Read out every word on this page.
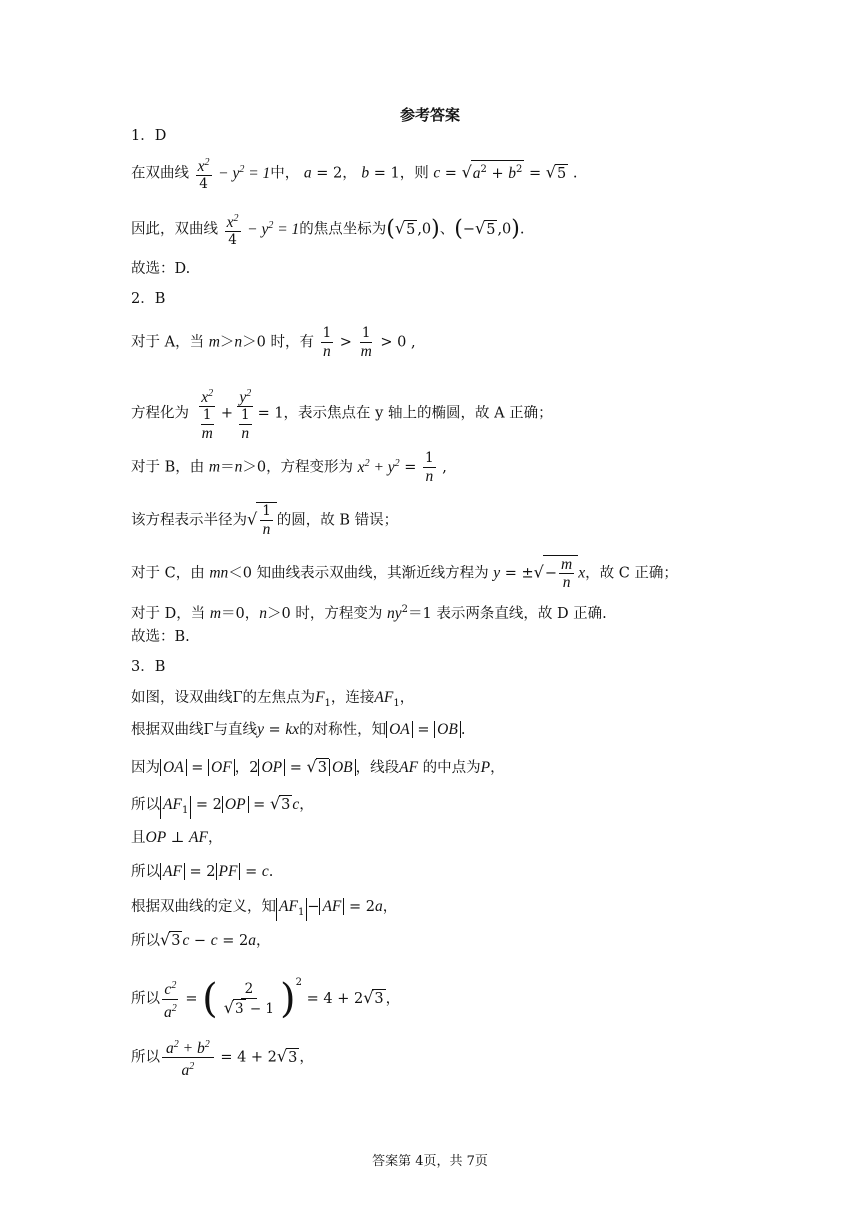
参考答案
1．D
在双曲线 $\frac{x^2}{4} - y^2 = 1$中， a = 2， b = 1，则 $c = √a^2 + b^2 = √5$ .
因此，双曲线 $\frac{x^2}{4} - y^2 = 1$的焦点坐标为(√5 ,0)、(−√5 ,0).
故选：D.
2．B
对于 A，当 m＞n＞0 时，有 $\frac{1}{n} > \frac{1}{m} > 0$ ,
方程化为 $\frac{x^2}{\frac{1}{m}} + \frac{y^2}{\frac{1}{n}} = 1$，表示焦点在 y 轴上的椭圆，故 A 正确；
对于 B，由 m＝n＞0，方程变形为 $x^2 + y^2 = \frac{1}{n}$ ,
该方程表示半径为√ $\frac{1}{n}$ 的圆，故 B 错误；
对于 C，由 mn＜0 知曲线表示双曲线，其渐近线方程为 y = ±√− $\frac{m}{n}$ x，故 C 正确；
对于 D，当 m＝0，n＞0 时，方程变为 $ny^2=1$ 表示两条直线，故 D 正确.
故选：B.
3．B
如图，设双曲线Γ的左焦点为$F_1$，连接$AF_1$，
根据双曲线Γ与直线y = kx的对称性，知 OA = OB .
因为 OA = OF ，2 OP = √3 OB ，线段AF 的中点为P，
所以 $AF_1 = 2$ OP = √3 c，
且OP ⊥ AF，
所以 AF = 2 PF = c.
根据双曲线的定义，知 $AF_1$ − AF = 2a，
所以√3 c − c = 2a，
所以 $\frac{c^2}{a^2}$ = ( $\frac{2}{√3 - 1} )^2 = 4 + 2√3$ ，
所以 $\frac{a^2 + b^2}{a^2} = 4 + 2√3$ ，
答案第 4页，共 7页
